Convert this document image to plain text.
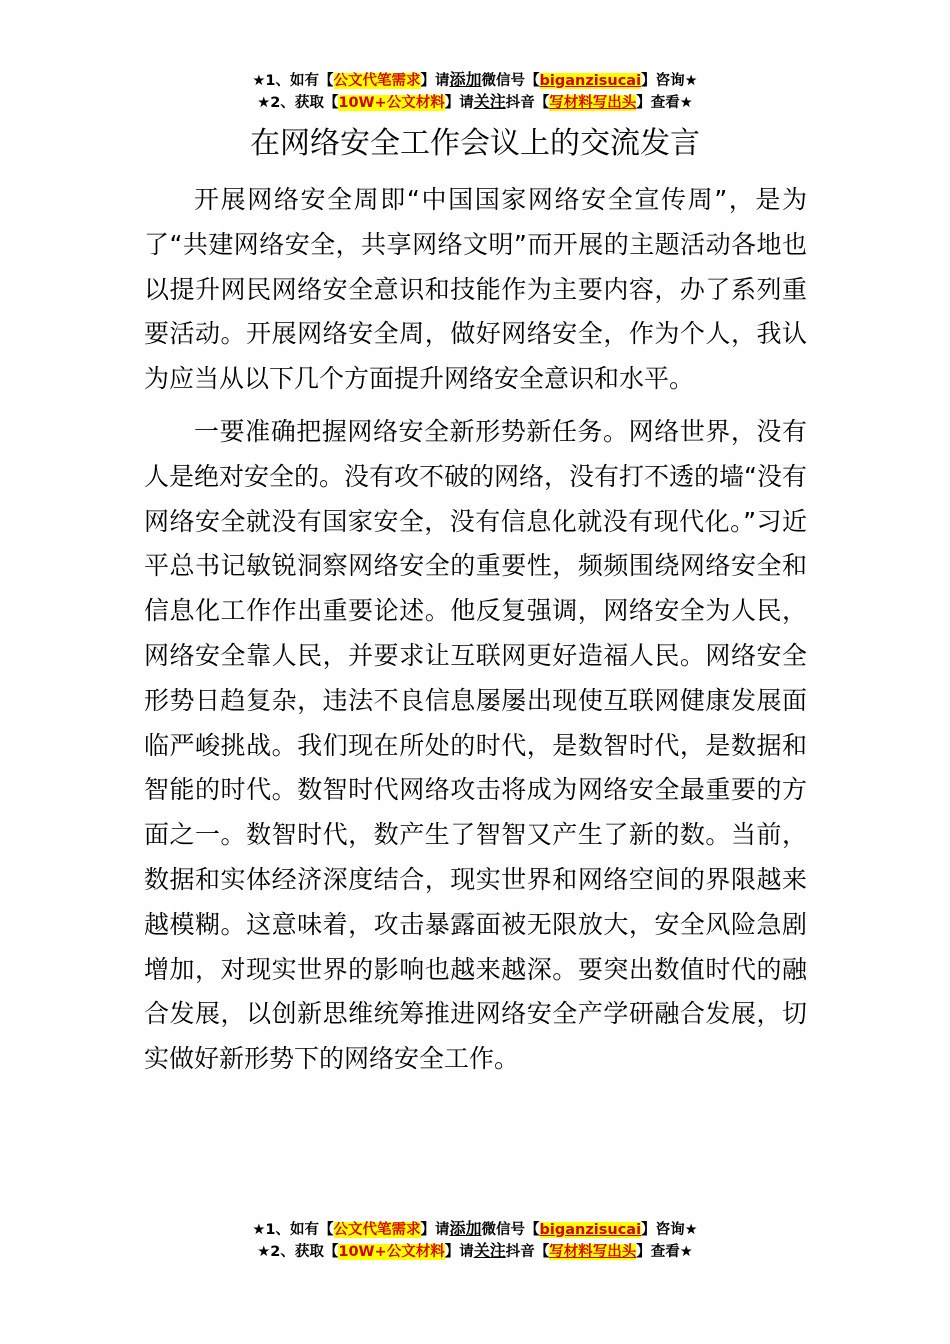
★1、如有【公文代笔需求】请添加微信号【biganzisucai】咨询★
★2、获取【10W+公文材料】请关注抖音【写材料写出头】查看★
在网络安全工作会议上的交流发言

开展网络安全周即“中国国家网络安全宣传周”，是为了“共建网络安全，共享网络文明”而开展的主题活动各地也以提升网民网络安全意识和技能作为主要内容，办了系列重要活动。开展网络安全周，做好网络安全，作为个人，我认为应当从以下几个方面提升网络安全意识和水平。

一要准确把握网络安全新形势新任务。网络世界，没有人是绝对安全的。没有攻不破的网络，没有打不透的墙“没有网络安全就没有国家安全，没有信息化就没有现代化。”习近平总书记敏锐洞察网络安全的重要性，频频围绕网络安全和信息化工作作出重要论述。他反复强调，网络安全为人民，网络安全靠人民，并要求让互联网更好造福人民。网络安全形势日趋复杂，违法不良信息屡屡出现使互联网健康发展面临严峻挑战。我们现在所处的时代，是数智时代，是数据和智能的时代。数智时代网络攻击将成为网络安全最重要的方面之一。数智时代，数产生了智智又产生了新的数。当前，数据和实体经济深度结合，现实世界和网络空间的界限越来越模糊。这意味着，攻击暴露面被无限放大，安全风险急剧增加，对现实世界的影响也越来越深。要突出数值时代的融合发展，以创新思维统筹推进网络安全产学研融合发展，切实做好新形势下的网络安全工作。

★1、如有【公文代笔需求】请添加微信号【biganzisucai】咨询★
★2、获取【10W+公文材料】请关注抖音【写材料写出头】查看★
